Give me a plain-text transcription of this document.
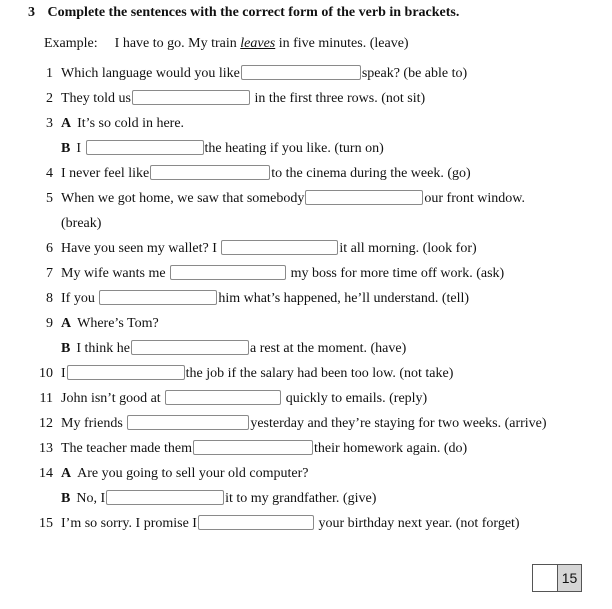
3 Complete the sentences with the correct form of the verb in brackets.
Example: I have to go. My train leaves in five minutes. (leave)
1 Which language would you like	speak? (be able to)
2 They told us	in the first three rows. (not sit)
3 A It’s so cold in here.
B I	the heating if you like. (turn on)
4 I never feel like	to the cinema during the week. (go)
5 When we got home, we saw that somebody	our front window.
(break)
6 Have you seen my wallet? I	it all morning. (look for)
7 My wife wants me	my boss for more time off work. (ask)
8 If you	him what’s happened, he’ll understand. (tell)
9 A Where’s Tom?
B I think he	a rest at the moment. (have)
10 I	the job if the salary had been too low. (not take)
11 John isn’t good at	quickly to emails. (reply)
12 My friends	yesterday and they’re staying for two weeks. (arrive)
13 The teacher made them	their homework again. (do)
14 A Are you going to sell your old computer?
B No, I	it to my grandfather. (give)
15 I’m so sorry. I promise I	your birthday next year. (not forget)
15
